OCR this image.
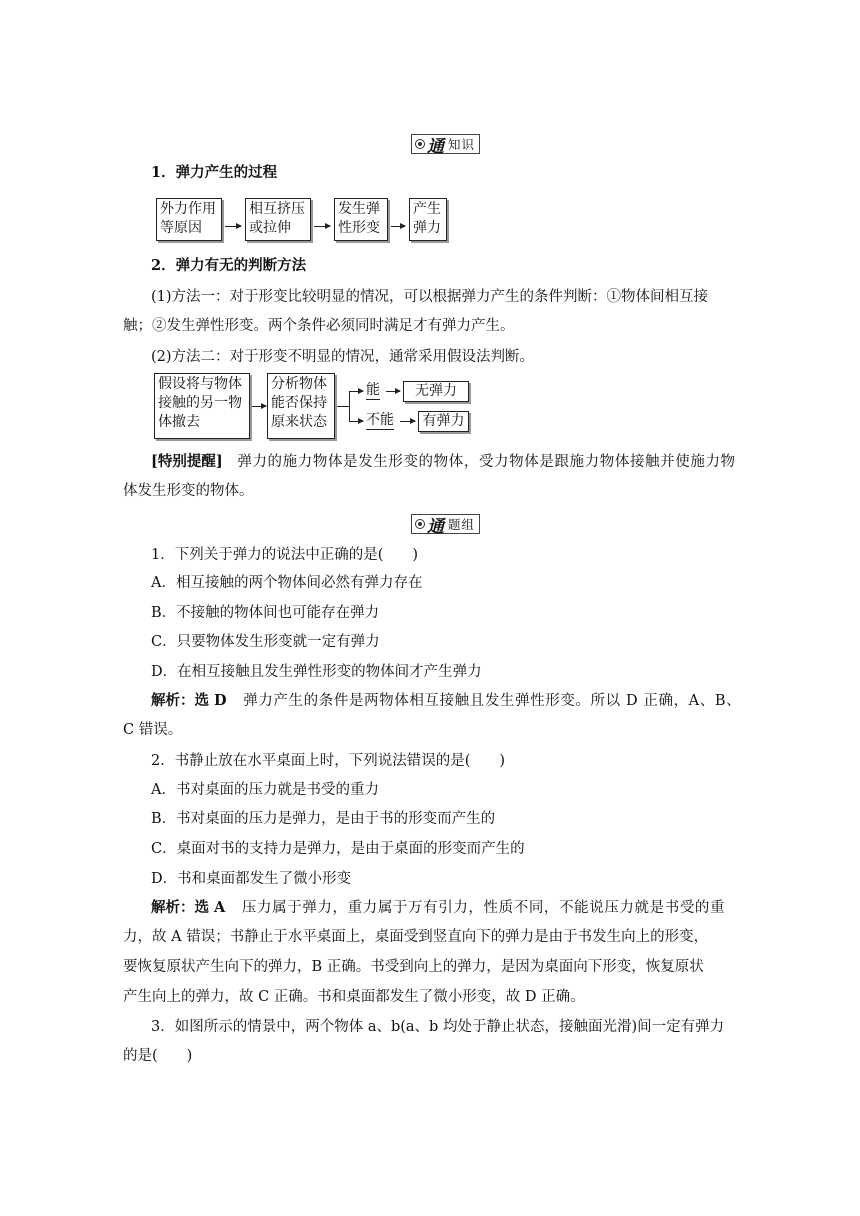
通 知识
1．弹力产生的过程
外力作用
等原因
相互挤压
或拉伸
发生弹
性形变
产生
弹力
2．弹力有无的判断方法
(1)方法一：对于形变比较明显的情况，可以根据弹力产生的条件判断：①物体间相互接
触；②发生弹性形变。两个条件必须同时满足才有弹力产生。
(2)方法二：对于形变不明显的情况，通常采用假设法判断。
假设将与物体
接触的另一物
体撤去
分析物体
能否保持
原来状态
能	无弹力
不能	有弹力
[特别提醒] 弹力的施力物体是发生形变的物体，受力物体是跟施力物体接触并使施力物
体发生形变的物体。
通 题组
1．下列关于弹力的说法中正确的是(　　)
A．相互接触的两个物体间必然有弹力存在
B．不接触的物体间也可能存在弹力
C．只要物体发生形变就一定有弹力
D．在相互接触且发生弹性形变的物体间才产生弹力
解析：选 D 弹力产生的条件是两物体相互接触且发生弹性形变。所以 D 正确，A、B、
C 错误。
2．书静止放在水平桌面上时，下列说法错误的是(　　)
A．书对桌面的压力就是书受的重力
B．书对桌面的压力是弹力，是由于书的形变而产生的
C．桌面对书的支持力是弹力，是由于桌面的形变而产生的
D．书和桌面都发生了微小形变
解析：选 A 压力属于弹力，重力属于万有引力，性质不同，不能说压力就是书受的重
力，故 A 错误；书静止于水平桌面上，桌面受到竖直向下的弹力是由于书发生向上的形变，
要恢复原状产生向下的弹力，B 正确。书受到向上的弹力，是因为桌面向下形变，恢复原状
产生向上的弹力，故 C 正确。书和桌面都发生了微小形变，故 D 正确。
3．如图所示的情景中，两个物体 a、b(a、b 均处于静止状态，接触面光滑)间一定有弹力
的是(　　)
